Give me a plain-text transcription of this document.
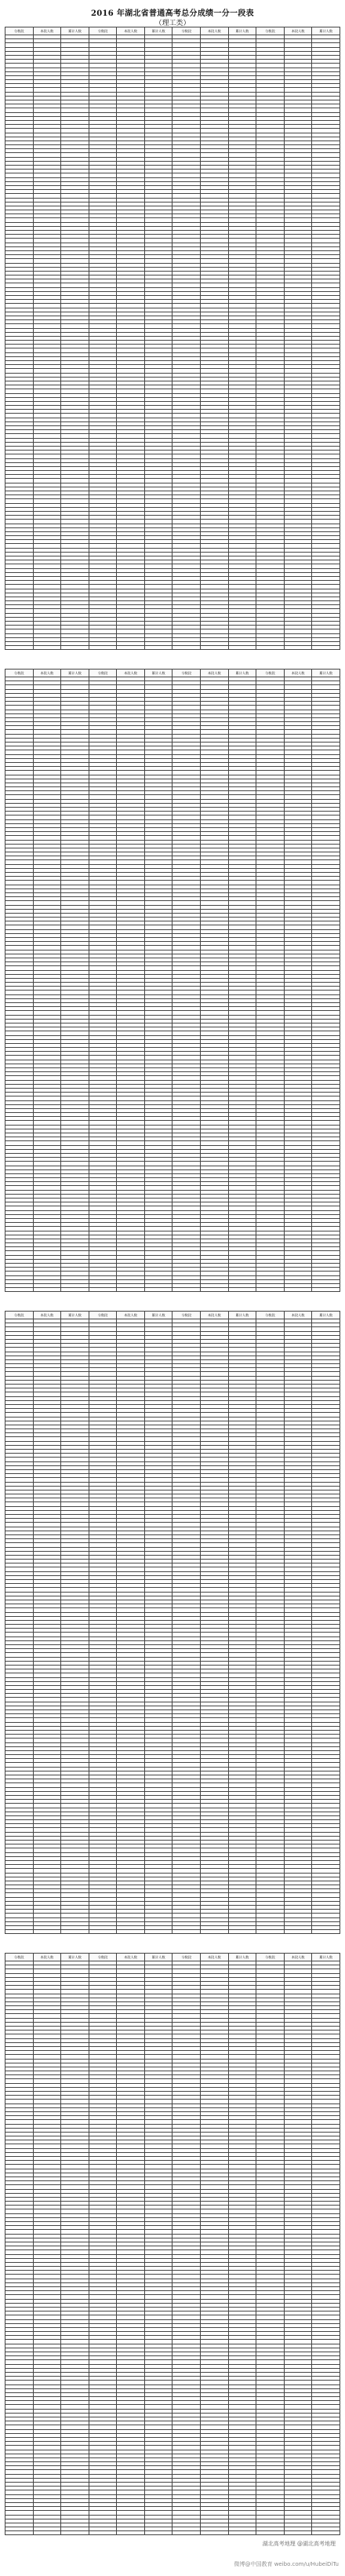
2016 年湖北省普通高考总分成绩一分一段表
（理工类）
分数段	本段人数	累计人数	分数段	本段人数	累计人数	分数段	本段人数	累计人数	分数段	本段人数	累计人数

分数段	本段人数	累计人数	分数段	本段人数	累计人数	分数段	本段人数	累计人数	分数段	本段人数	累计人数

分数段	本段人数	累计人数	分数段	本段人数	累计人数	分数段	本段人数	累计人数	分数段	本段人数	累计人数

分数段	本段人数	累计人数	分数段	本段人数	累计人数	分数段	本段人数	累计人数	分数段	本段人数	累计人数

湖北高考地理 @湖北高考地理
微博@中国教育 weibo.com/u/HubeiDiTu
